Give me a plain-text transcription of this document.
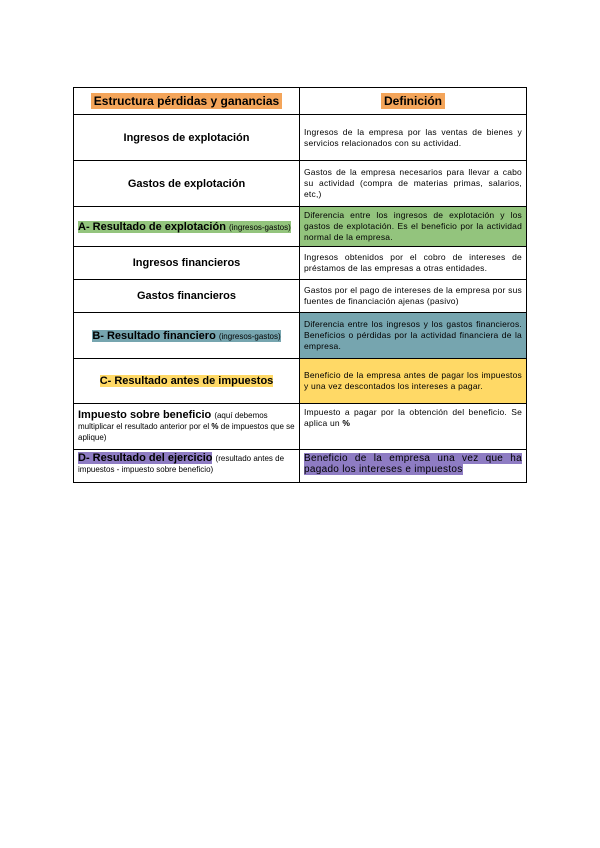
Estructura pérdidas y ganancias	Definición
Ingresos de explotación	Ingresos de la empresa por las ventas de bienes y servicios relacionados con su actividad.
Gastos de explotación	Gastos de la empresa necesarios para llevar a cabo su actividad (compra de materias primas, salarios, etc,)
A- Resultado de explotación (ingresos-gastos)	Diferencia entre los ingresos de explotación y los gastos de explotación. Es el beneficio por la actividad normal de la empresa.
Ingresos financieros	Ingresos obtenidos por el cobro de intereses de préstamos de las empresas a otras entidades.
Gastos financieros	Gastos por el pago de intereses de la empresa por sus fuentes de financiación ajenas (pasivo)
B- Resultado financiero (ingresos-gastos)	Diferencia entre los ingresos y los gastos financieros. Beneficios o pérdidas por la actividad financiera de la empresa.
C- Resultado antes de impuestos	Beneficio de la empresa antes de pagar los impuestos y una vez descontados los intereses a pagar.
Impuesto sobre beneficio (aquí debemos multiplicar el resultado anterior por el % de impuestos que se aplique)	Impuesto a pagar por la obtención del beneficio. Se aplica un %
D- Resultado del ejercicio (resultado antes de impuestos - impuesto sobre beneficio)	Beneficio de la empresa una vez que ha pagado los intereses e impuestos
